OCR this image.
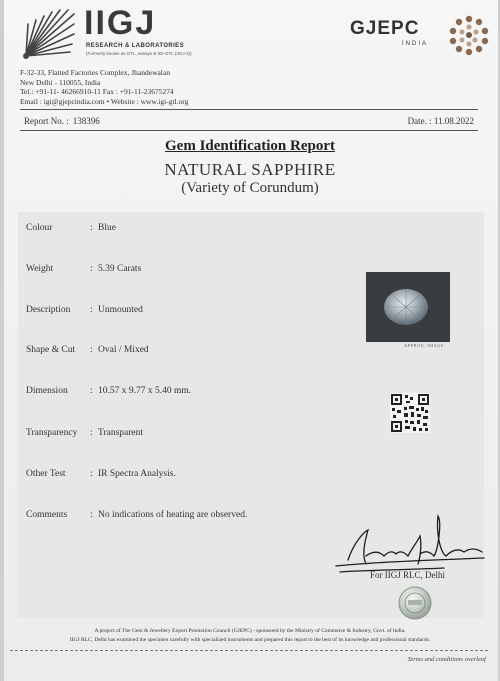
IIGJ
RESEARCH & LABORATORIES
(Formerly known as GTL, assays & IGI-GTL (IIGJ-2))
GJEPC
INDIA
F-32-33, Flatted Factories Complex, Jhandewalan
New Delhi - 110055, India
Tel.: +91-11- 46266910-11 Fax : +91-11-23675274
Email : igi@gjepcindia.com • Website : www.igi-gtl.org
Report No. : 138396	Date. : 11.08.2022
Gem Identification Report
NATURAL SAPPHIRE
(Variety of Corundum)
Colour	: Blue
Weight	: 5.39 Carats
Description : Unmounted
Shape & Cut : Oval / Mixed
Dimension : 10.57 x 9.77 x 5.40 mm.
Transparency : Transparent
Other Test	: IR Spectra Analysis.
Comments : No indications of heating are observed.
APPROX. IMAGE
For IIGJ RLC, Delhi
A project of The Gem & Jewellery Export Promotion Council (GJEPC) - sponsored by the Ministry of Commerce & Industry, Govt. of India.
IIGJ RLC, Delhi has examined the specimen carefully with specialized instruments and prepared this report to the best of its knowledge and professional standards.
Terms and conditions overleaf
